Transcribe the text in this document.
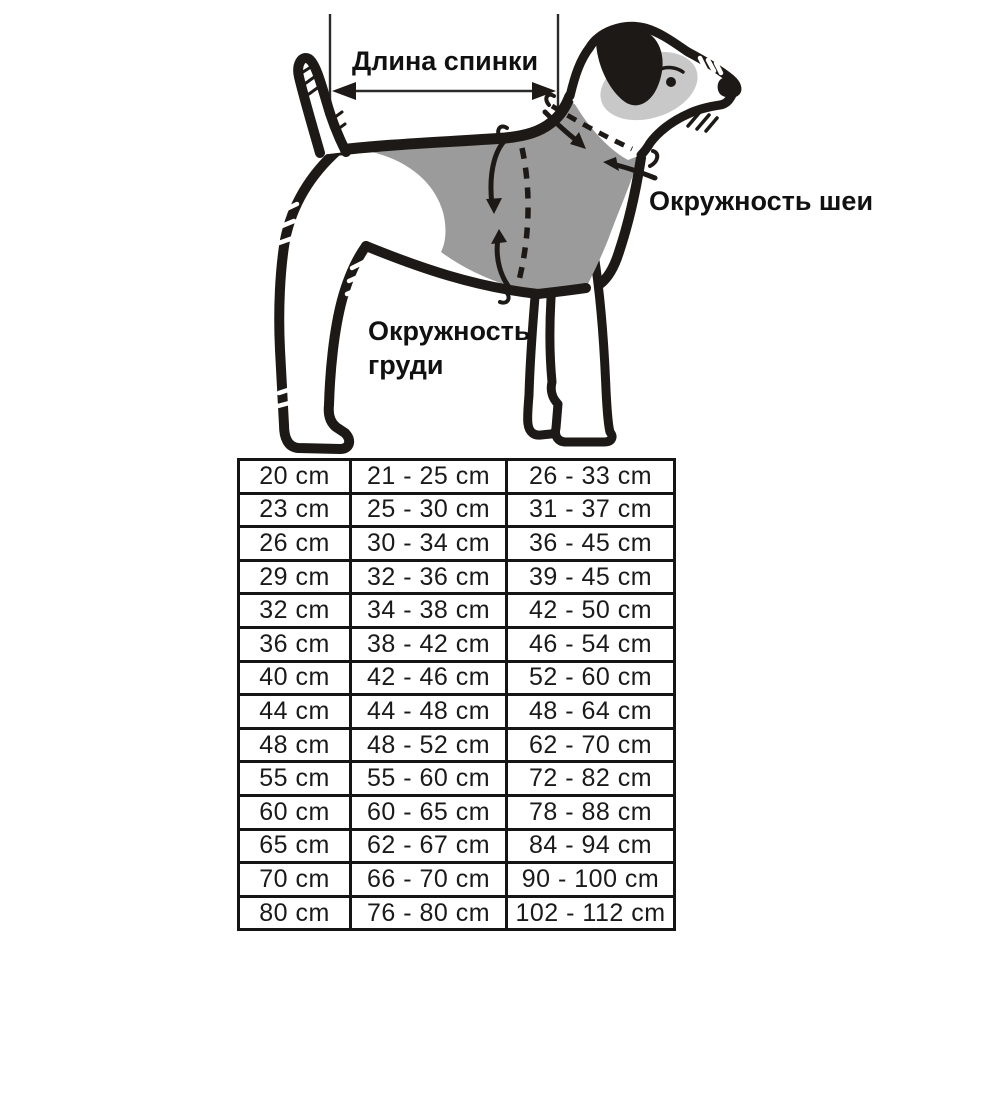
Длина спинки
Окружность шеи
Окружность груди
20 cm	21 - 25 cm	26 - 33 cm
23 cm	25 - 30 cm	31 - 37 cm
26 cm	30 - 34 cm	36 - 45 cm
29 cm	32 - 36 cm	39 - 45 cm
32 cm	34 - 38 cm	42 - 50 cm
36 cm	38 - 42 cm	46 - 54 cm
40 cm	42 - 46 cm	52 - 60 cm
44 cm	44 - 48 cm	48 - 64 cm
48 cm	48 - 52 cm	62 - 70 cm
55 cm	55 - 60 cm	72 - 82 cm
60 cm	60 - 65 cm	78 - 88 cm
65 cm	62 - 67 cm	84 - 94 cm
70 cm	66 - 70 cm	90 - 100 cm
80 cm	76 - 80 cm	102 - 112 cm
